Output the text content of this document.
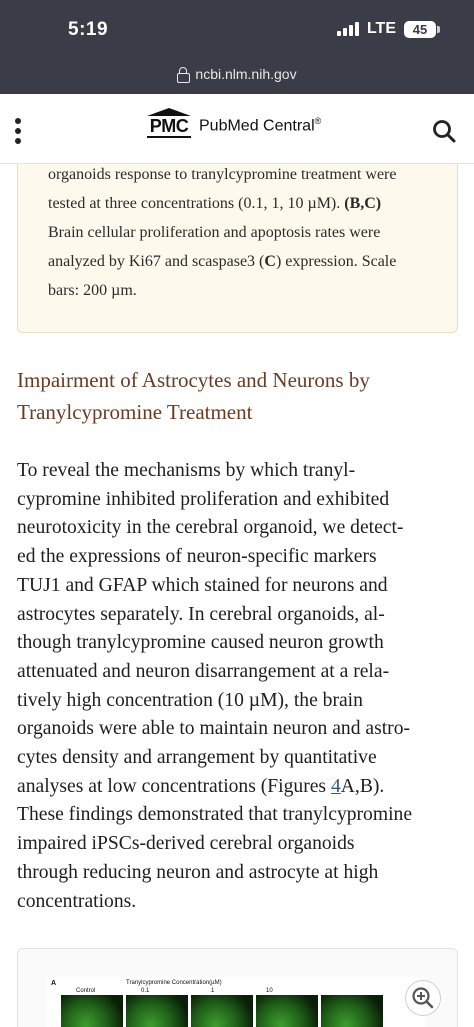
5:19	LTE	45
ncbi.nlm.nih.gov
PMC PubMed Central®

organoids response to tranylcypromine treatment were
tested at three concentrations (0.1, 1, 10 µM). (B,C)
Brain cellular proliferation and apoptosis rates were
analyzed by Ki67 and scaspase3 (C) expression. Scale
bars: 200 µm.

Impairment of Astrocytes and Neurons by
Tranylcypromine Treatment
To reveal the mechanisms by which tranyl-
cypromine inhibited proliferation and exhibited
neurotoxicity in the cerebral organoid, we detect-
ed the expressions of neuron-specific markers
TUJ1 and GFAP which stained for neurons and
astrocytes separately. In cerebral organoids, al-
though tranylcypromine caused neuron growth
attenuated and neuron disarrangement at a rela-
tively high concentration (10 µM), the brain
organoids were able to maintain neuron and astro-
cytes density and arrangement by quantitative
analyses at low concentrations (Figures 4A,B).
These findings demonstrated that tranylcypromine
impaired iPSCs-derived cerebral organoids
through reducing neuron and astrocyte at high
concentrations.
A	Tranylcypromine Concentration(µM)
Control	0.1	1	10
